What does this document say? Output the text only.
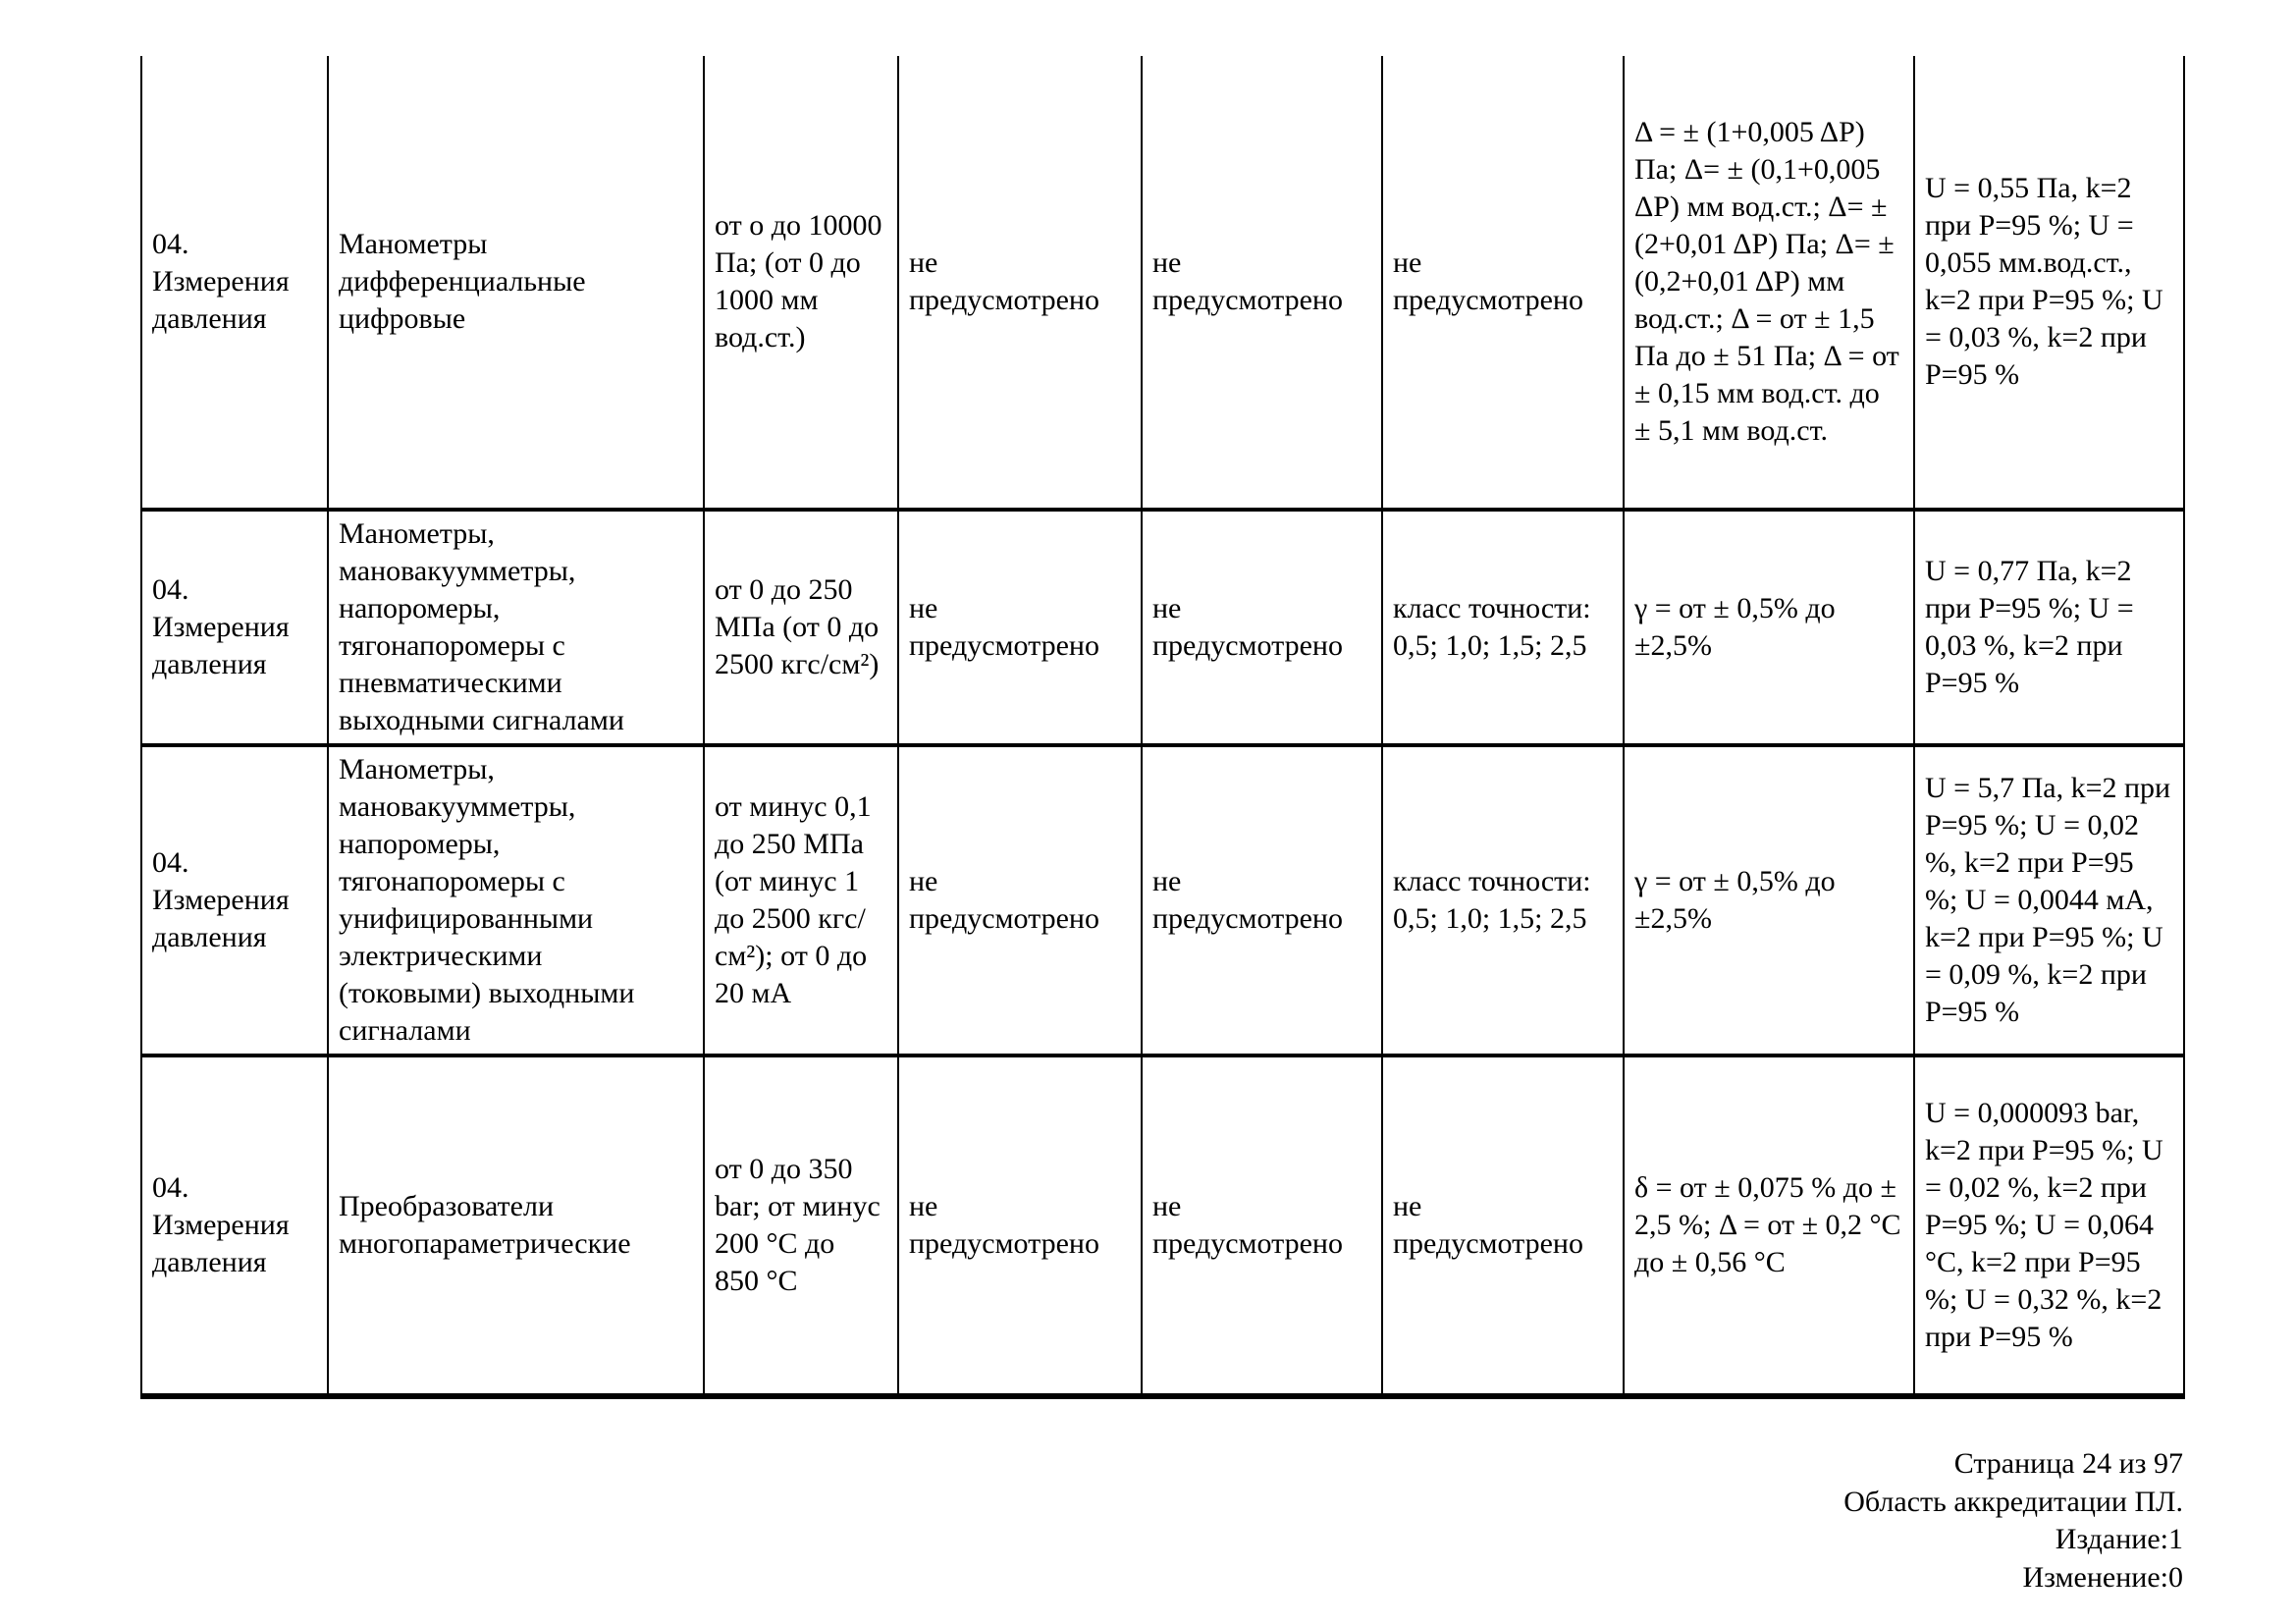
04. Измерения давления	Манометры дифференциальные цифровые	от о до 10000 Па; (от 0 до 1000 мм вод.ст.)	не предусмотрено	не предусмотрено	не предусмотрено	Δ = ± (1+0,005 ΔР) Па; Δ= ± (0,1+0,005 ΔР) мм вод.ст.; Δ= ± (2+0,01 ΔР) Па; Δ= ± (0,2+0,01 ΔР) мм вод.ст.; Δ = от ± 1,5 Па до ± 51 Па; Δ = от ± 0,15 мм вод.ст. до ± 5,1 мм вод.ст.	U = 0,55 Па, k=2 при Р=95 %; U = 0,055 мм.вод.ст., k=2 при Р=95 %; U = 0,03 %, k=2 при Р=95 %
04. Измерения давления	Манометры, мановакуумметры, напоромеры, тягонапоромеры с пневматическими выходными сигналами	от 0 до 250 МПа (от 0 до 2500 кгс/см²)	не предусмотрено	не предусмотрено	класс точности: 0,5; 1,0; 1,5; 2,5	γ = от ± 0,5% до ±2,5%	U = 0,77 Па, k=2 при Р=95 %; U = 0,03 %, k=2 при Р=95 %
04. Измерения давления	Манометры, мановакуумметры, напоромеры, тягонапоромеры с унифицированными электрическими (токовыми) выходными сигналами	от минус 0,1 до 250 МПа (от минус 1 до 2500 кгс/см²); от 0 до 20 мА	не предусмотрено	не предусмотрено	класс точности: 0,5; 1,0; 1,5; 2,5	γ = от ± 0,5% до ±2,5%	U = 5,7 Па, k=2 при Р=95 %; U = 0,02 %, k=2 при Р=95 %; U = 0,0044 мА, k=2 при Р=95 %; U = 0,09 %, k=2 при Р=95 %
04. Измерения давления	Преобразователи многопараметрические	от 0 до 350 bar; от минус 200 °С до 850 °С	не предусмотрено	не предусмотрено	не предусмотрено	δ = от ± 0,075 % до ± 2,5 %; Δ = от ± 0,2 °С до ± 0,56 °С	U = 0,000093 bar, k=2 при Р=95 %; U = 0,02 %, k=2 при Р=95 %; U = 0,064 °С, k=2 при Р=95 %; U = 0,32 %, k=2 при Р=95 %
Страница 24 из 97
Область аккредитации ПЛ.
Издание:1
Изменение:0
